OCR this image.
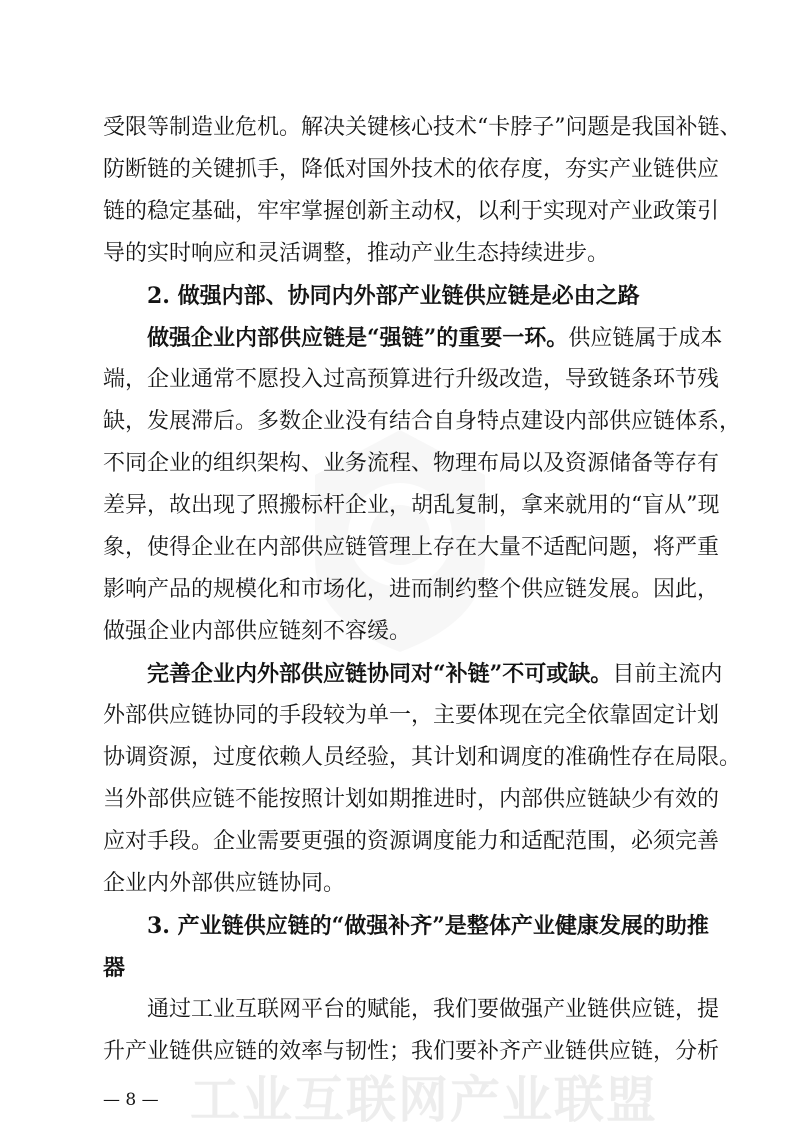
工业互联网产业联盟
受限等制造业危机。解决关键核心技术“卡脖子”问题是我国补链、
防断链的关键抓手，降低对国外技术的依存度，夯实产业链供应
链的稳定基础，牢牢掌握创新主动权，以利于实现对产业政策引
导的实时响应和灵活调整，推动产业生态持续进步。
2. 做强内部、协同内外部产业链供应链是必由之路
做强企业内部供应链是“强链”的重要一环。供应链属于成本
端，企业通常不愿投入过高预算进行升级改造，导致链条环节残
缺，发展滞后。多数企业没有结合自身特点建设内部供应链体系，
不同企业的组织架构、业务流程、物理布局以及资源储备等存有
差异，故出现了照搬标杆企业，胡乱复制，拿来就用的“盲从”现
象，使得企业在内部供应链管理上存在大量不适配问题，将严重
影响产品的规模化和市场化，进而制约整个供应链发展。因此，
做强企业内部供应链刻不容缓。
完善企业内外部供应链协同对“补链”不可或缺。目前主流内
外部供应链协同的手段较为单一，主要体现在完全依靠固定计划
协调资源，过度依赖人员经验，其计划和调度的准确性存在局限。
当外部供应链不能按照计划如期推进时，内部供应链缺少有效的
应对手段。企业需要更强的资源调度能力和适配范围，必须完善
企业内外部供应链协同。
3. 产业链供应链的“做强补齐”是整体产业健康发展的助推
器
通过工业互联网平台的赋能，我们要做强产业链供应链，提
升产业链供应链的效率与韧性；我们要补齐产业链供应链，分析
— 8 —
